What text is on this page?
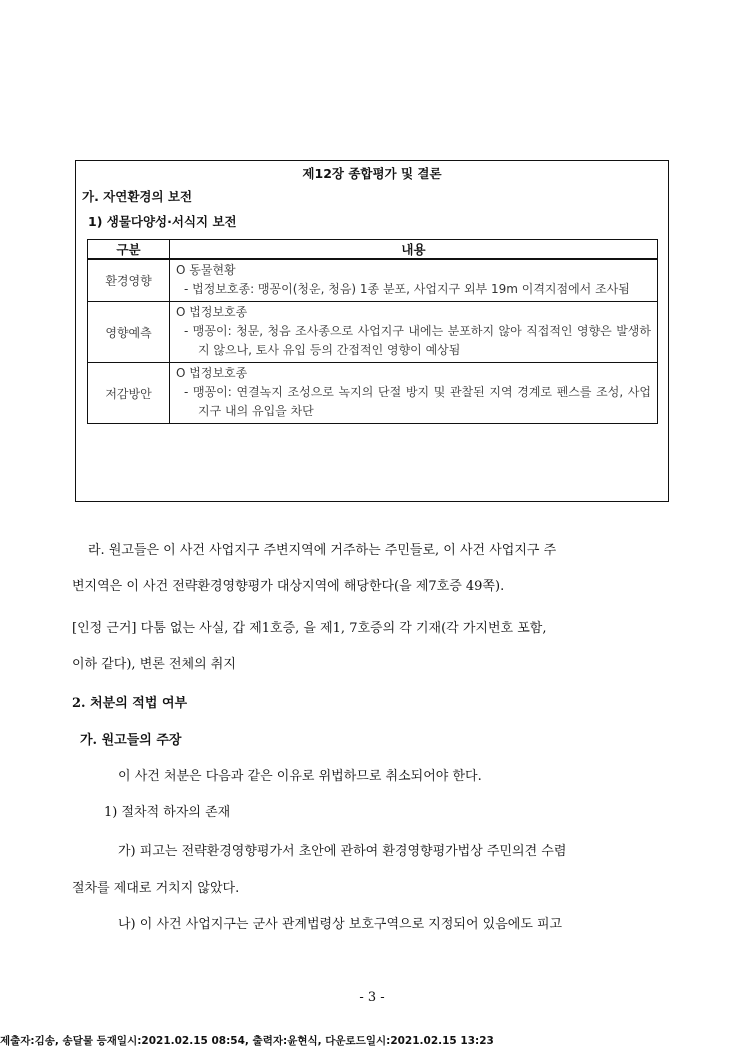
제12장 종합평가 및 결론
가. 자연환경의 보전
1) 생물다양성·서식지 보전
구분	내용
환경영향	O 동물현황
- 법정보호종: 맹꽁이(청운, 청음) 1종 분포, 사업지구 외부 19m 이격지점에서 조사됨

영향예측	O 법정보호종
- 맹꽁이: 청문, 청음 조사종으로 사업지구 내에는 분포하지 않아 직접적인 영향은 발생하지 않으나, 토사 유입 등의 간접적인 영향이 예상됨

저감방안	O 법정보호종
- 맹꽁이: 연결녹지 조성으로 녹지의 단절 방지 및 관찰된 지역 경계로 펜스를 조성, 사업지구 내의 유입을 차단

라. 원고들은 이 사건 사업지구 주변지역에 거주하는 주민들로, 이 사건 사업지구 주

변지역은 이 사건 전략환경영향평가 대상지역에 해당한다(을 제7호증 49쪽).

[인정 근거] 다툼 없는 사실, 갑 제1호증, 을 제1, 7호증의 각 기재(각 가지번호 포함,

이하 같다), 변론 전체의 취지

2. 처분의 적법 여부

가. 원고들의 주장

이 사건 처분은 다음과 같은 이유로 위법하므로 취소되어야 한다.

1) 절차적 하자의 존재

가) 피고는 전략환경영향평가서 초안에 관하여 환경영향평가법상 주민의견 수렴

절차를 제대로 거치지 않았다.

나) 이 사건 사업지구는 군사 관계법령상 보호구역으로 지정되어 있음에도 피고

- 3 -
제출자:김송, 송달물 등재일시:2021.02.15 08:54, 출력자:윤현식, 다운로드일시:2021.02.15 13:23
